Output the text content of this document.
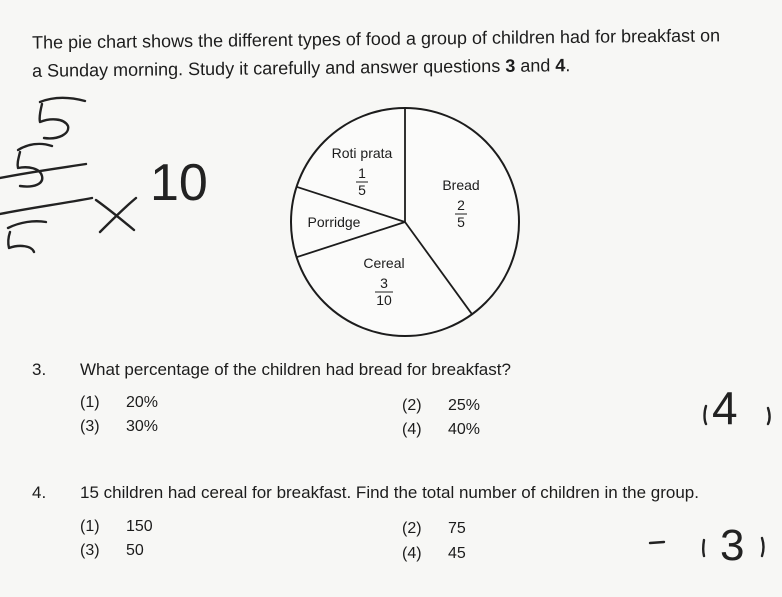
The pie chart shows the different types of food a group of children had for breakfast on
a Sunday morning. Study it carefully and answer questions 3 and 4.
Roti prata
1
5	Bread
2
5
Porridge
Cereal
3
10
10
4
3
3. What percentage of the children had bread for breakfast?
(1) 20%	(2) 25%
(3) 30%	(4) 40%
4. 15 children had cereal for breakfast. Find the total number of children in the group.
(1) 150	(2) 75
(3) 50	(4) 45
